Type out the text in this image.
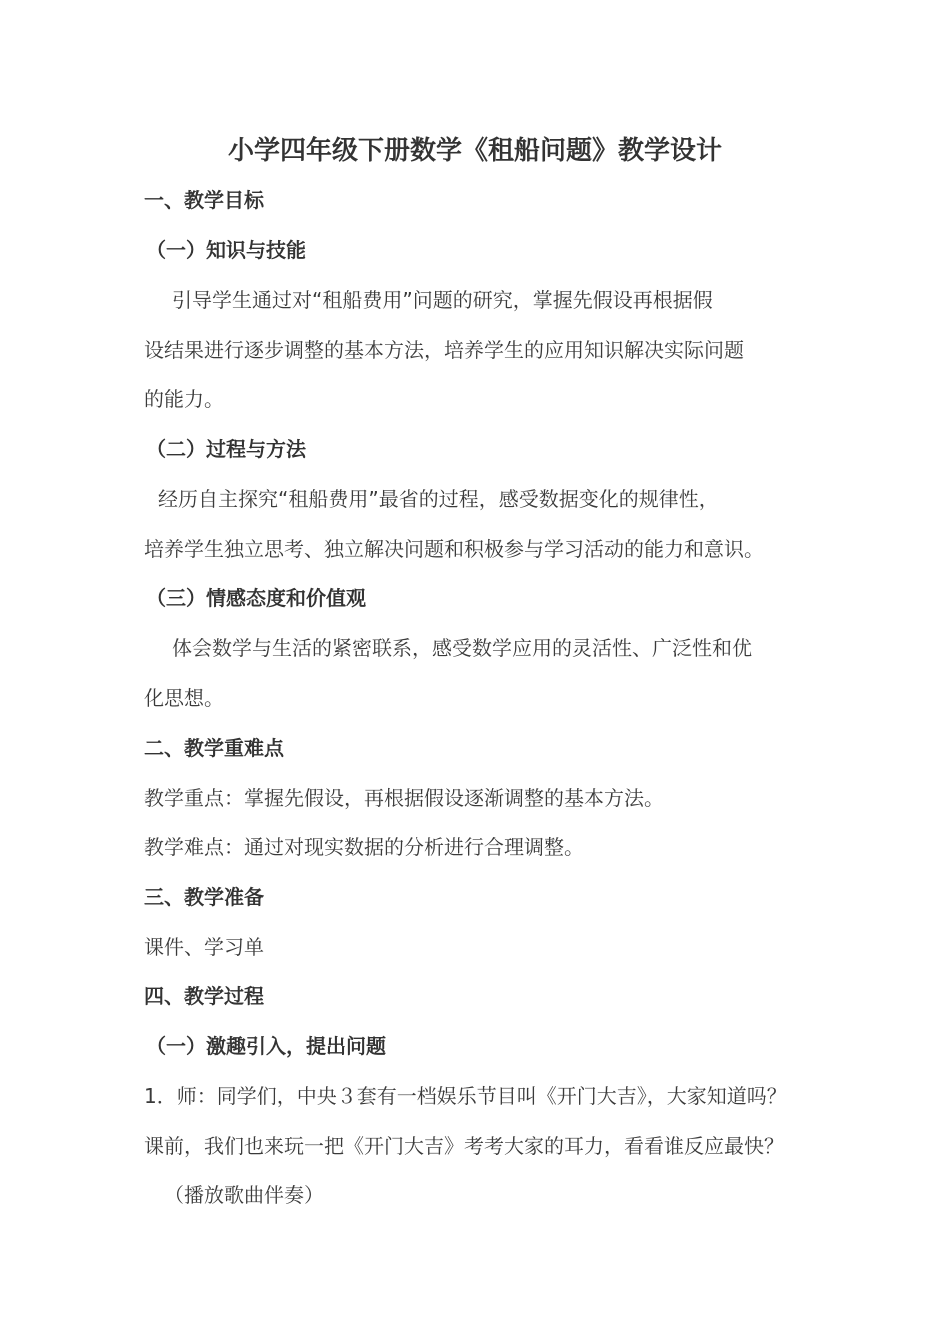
小学四年级下册数学《租船问题》教学设计
一、教学目标
（一）知识与技能
引导学生通过对“租船费用”问题的研究，掌握先假设再根据假
设结果进行逐步调整的基本方法，培养学生的应用知识解决实际问题
的能力。
（二）过程与方法
经历自主探究“租船费用”最省的过程，感受数据变化的规律性，
培养学生独立思考、独立解决问题和积极参与学习活动的能力和意识。
（三）情感态度和价值观
体会数学与生活的紧密联系，感受数学应用的灵活性、广泛性和优
化思想。
二、教学重难点
教学重点：掌握先假设，再根据假设逐渐调整的基本方法。
教学难点：通过对现实数据的分析进行合理调整。
三、教学准备
课件、学习单
四、教学过程
（一）激趣引入，提出问题
1．师：同学们，中央３套有一档娱乐节目叫《开门大吉》，大家知道吗？
课前，我们也来玩一把《开门大吉》考考大家的耳力，看看谁反应最快？
（播放歌曲伴奏）
